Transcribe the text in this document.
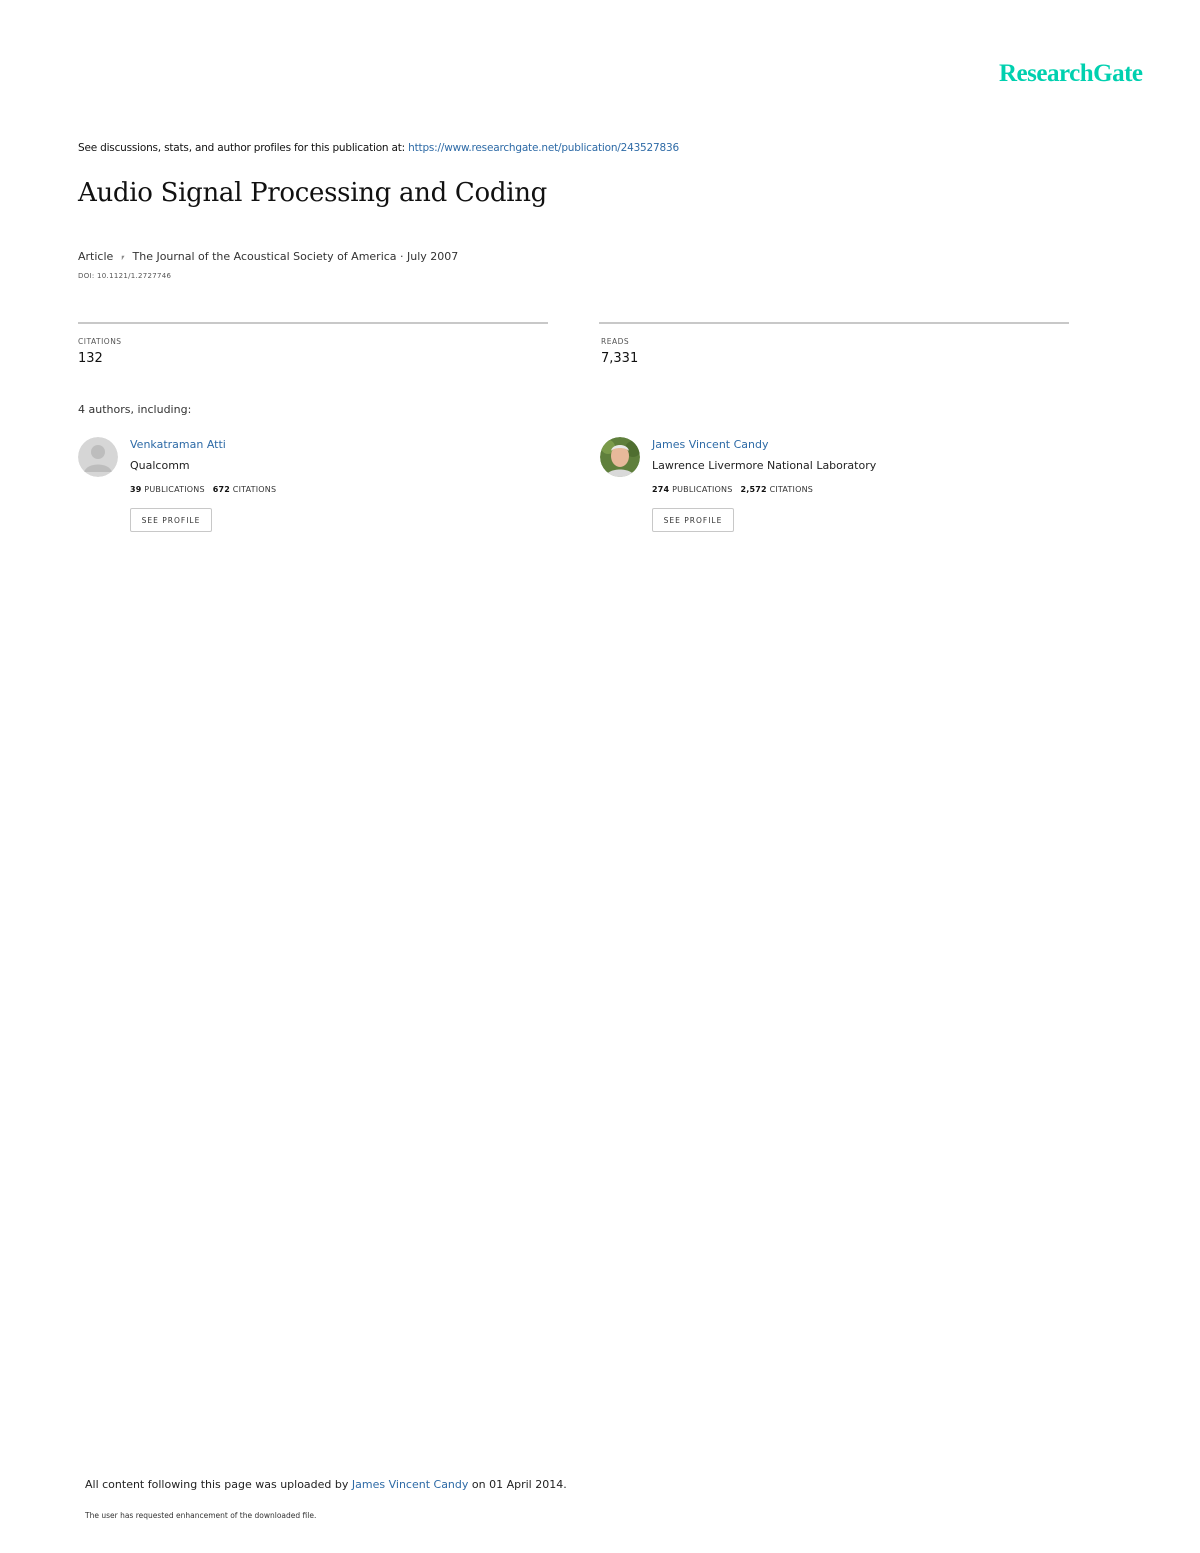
ResearchGate
See discussions, stats, and author profiles for this publication at: https://www.researchgate.net/publication/243527836
Audio Signal Processing and Coding
Article ⎖ The Journal of the Acoustical Society of America · July 2007
DOI: 10.1121/1.2727746
CITATIONS
132
READS
7,331
4 authors, including:
Venkatraman Atti
Qualcomm
39 PUBLICATIONS 672 CITATIONS
SEE PROFILE
James Vincent Candy
Lawrence Livermore National Laboratory
274 PUBLICATIONS 2,572 CITATIONS
SEE PROFILE
All content following this page was uploaded by James Vincent Candy on 01 April 2014.
The user has requested enhancement of the downloaded file.
